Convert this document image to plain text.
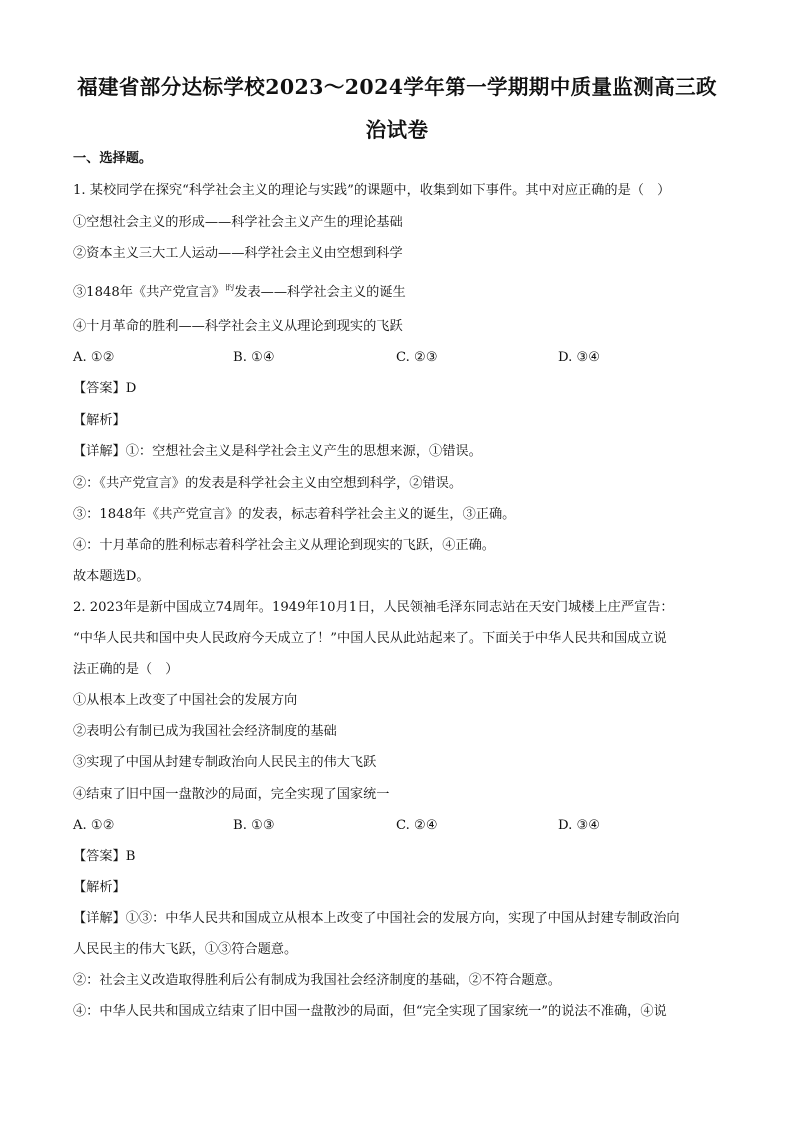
福建省部分达标学校2023～2024学年第一学期期中质量监测高三政
治试卷
一、选择题。
1. 某校同学在探究“科学社会主义的理论与实践”的课题中，收集到如下事件。其中对应正确的是（　）
①空想社会主义的形成——科学社会主义产生的理论基础
②资本主义三大工人运动——科学社会主义由空想到科学
③1848年《共产党宣言》$^的$发表——科学社会主义的诞生
④十月革命的胜利——科学社会主义从理论到现实的飞跃
A. ①②	B. ①④	C. ②③	D. ③④
【答案】D
【解析】
【详解】①：空想社会主义是科学社会主义产生的思想来源，①错误。
②：《共产党宣言》的发表是科学社会主义由空想到科学，②错误。
③：1848年《共产党宣言》的发表，标志着科学社会主义的诞生，③正确。
④：十月革命的胜利标志着科学社会主义从理论到现实的飞跃，④正确。
故本题选D。
2. 2023年是新中国成立74周年。1949年10月1日，人民领袖毛泽东同志站在天安门城楼上庄严宣告：
“中华人民共和国中央人民政府今天成立了！”中国人民从此站起来了。下面关于中华人民共和国成立说
法正确的是（　）
①从根本上改变了中国社会的发展方向
②表明公有制已成为我国社会经济制度的基础
③实现了中国从封建专制政治向人民民主的伟大飞跃
④结束了旧中国一盘散沙的局面，完全实现了国家统一
A. ①②	B. ①③	C. ②④	D. ③④
【答案】B
【解析】
【详解】①③：中华人民共和国成立从根本上改变了中国社会的发展方向，实现了中国从封建专制政治向
人民民主的伟大飞跃，①③符合题意。
②：社会主义改造取得胜利后公有制成为我国社会经济制度的基础，②不符合题意。
④：中华人民共和国成立结束了旧中国一盘散沙的局面，但“完全实现了国家统一”的说法不准确，④说
